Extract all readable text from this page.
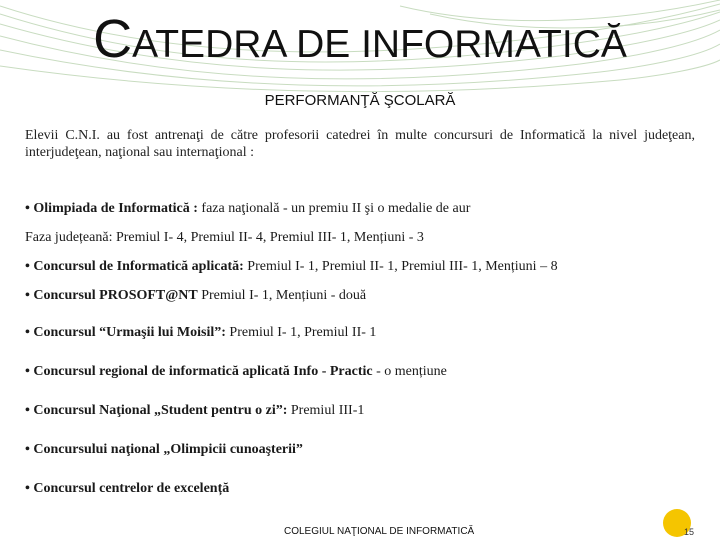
CATEDRA DE INFORMATICĂ
PERFORMANŢĂ ŞCOLARĂ
Elevii C.N.I. au fost antrenaţi de către profesorii catedrei în multe concursuri de Informatică la nivel judeţean, interjudeţean, naţional sau internaţional :
• Olimpiada de Informatică : faza naţională - un premiu II şi o medalie de aur
Faza județeană: Premiul I- 4, Premiul II- 4, Premiul III- 1, Mențiuni - 3
• Concursul de Informatică aplicată: Premiul I- 1, Premiul II- 1, Premiul III- 1, Mențiuni – 8
• Concursul PROSOFT@NT Premiul I- 1, Mențiuni - două
• Concursul “Urmaşii lui Moisil”: Premiul I- 1, Premiul II- 1
• Concursul regional de informatică aplicată Info - Practic - o mențiune
• Concursul Naţional „Student pentru o zi”: Premiul III-1
• Concursului naţional „Olimpicii cunoaşterii”
• Concursul centrelor de excelență
COLEGIUL NAŢIONAL DE INFORMATICĂ	15
